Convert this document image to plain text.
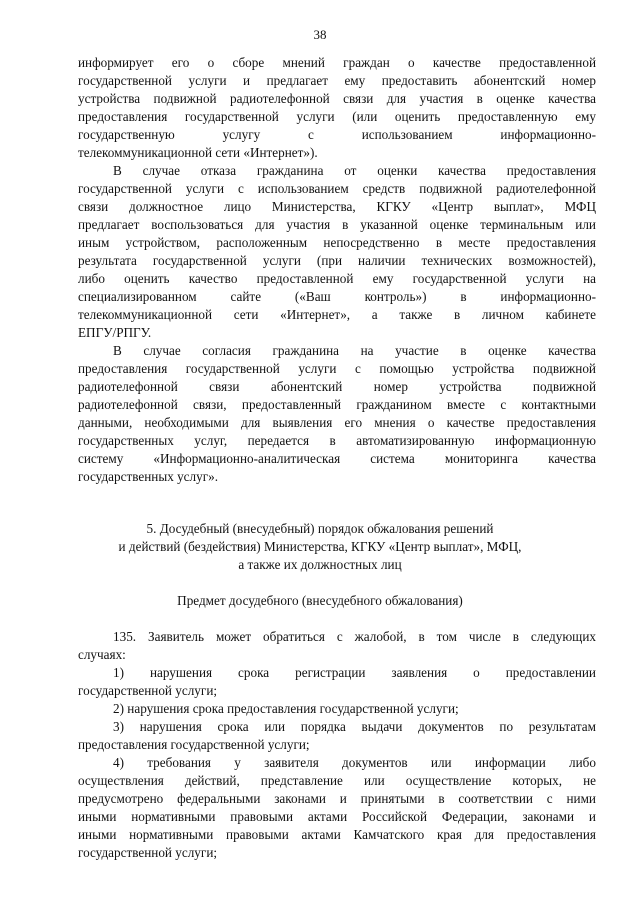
38
информирует его о сборе мнений граждан о качестве предоставленной
государственной услуги и предлагает ему предоставить абонентский номер
устройства подвижной радиотелефонной связи для участия в оценке качества
предоставления государственной услуги (или оценить предоставленную ему
государственную услугу с использованием информационно-
телекоммуникационной сети «Интернет»).
В случае отказа гражданина от оценки качества предоставления
государственной услуги с использованием средств подвижной радиотелефонной
связи должностное лицо Министерства, КГКУ «Центр выплат», МФЦ
предлагает воспользоваться для участия в указанной оценке терминальным или
иным устройством, расположенным непосредственно в месте предоставления
результата государственной услуги (при наличии технических возможностей),
либо оценить качество предоставленной ему государственной услуги на
специализированном сайте («Ваш контроль») в информационно-
телекоммуникационной сети «Интернет», а также в личном кабинете
ЕПГУ/РПГУ.
В случае согласия гражданина на участие в оценке качества
предоставления государственной услуги с помощью устройства подвижной
радиотелефонной связи абонентский номер устройства подвижной
радиотелефонной связи, предоставленный гражданином вместе с контактными
данными, необходимыми для выявления его мнения о качестве предоставления
государственных услуг, передается в автоматизированную информационную
систему «Информационно-аналитическая система мониторинга качества
государственных услуг».
5. Досудебный (внесудебный) порядок обжалования решений
и действий (бездействия) Министерства, КГКУ «Центр выплат», МФЦ,
а также их должностных лиц
Предмет досудебного (внесудебного обжалования)
135. Заявитель может обратиться с жалобой, в том числе в следующих
случаях:
1) нарушения срока регистрации заявления о предоставлении
государственной услуги;
2) нарушения срока предоставления государственной услуги;
3) нарушения срока или порядка выдачи документов по результатам
предоставления государственной услуги;
4) требования у заявителя документов или информации либо
осуществления действий, представление или осуществление которых, не
предусмотрено федеральными законами и принятыми в соответствии с ними
иными нормативными правовыми актами Российской Федерации, законами и
иными нормативными правовыми актами Камчатского края для предоставления
государственной услуги;
